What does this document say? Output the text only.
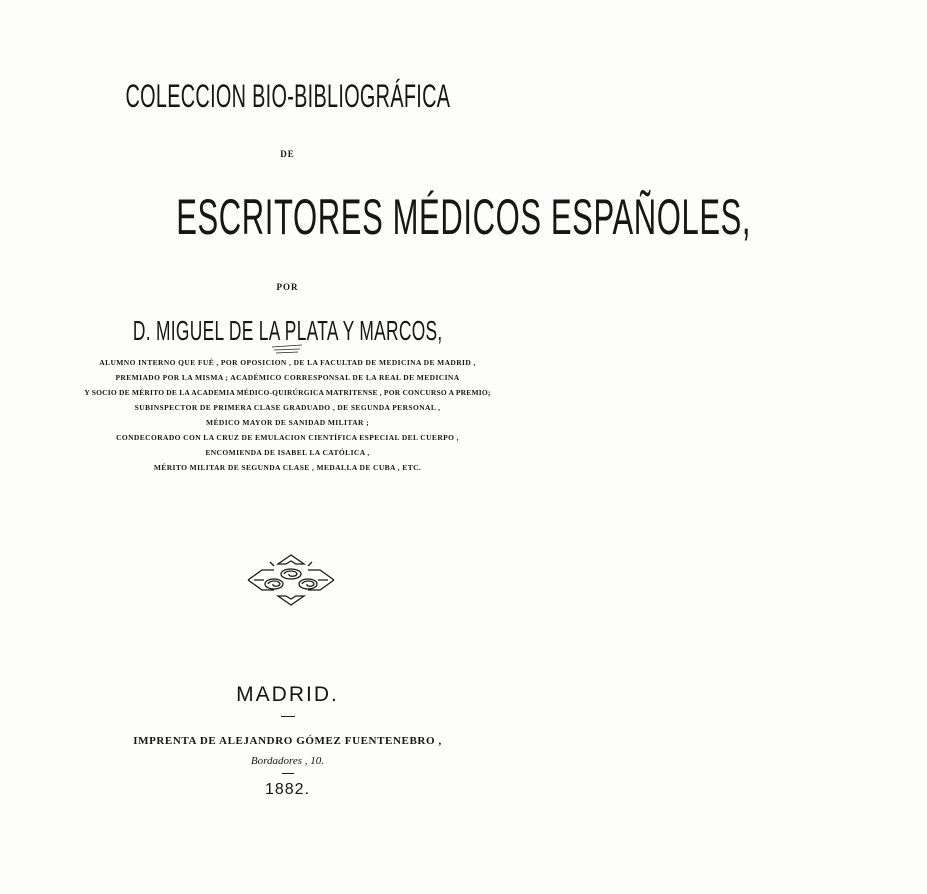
COLECCION BIO-BIBLIOGRÁFICA
DE
ESCRITORES MÉDICOS ESPAÑOLES,
POR
D. MIGUEL DE LA PLATA Y MARCOS,
ALUMNO INTERNO QUE FUÉ , POR OPOSICION , DE LA FACULTAD DE MEDICINA DE MADRID ,
PREMIADO POR LA MISMA ; ACADÉMICO CORRESPONSAL DE LA REAL DE MEDICINA
Y SOCIO DE MÉRITO DE LA ACADEMIA MÉDICO-QUIRÚRGICA MATRITENSE , POR CONCURSO A PREMIO;
SUBINSPECTOR DE PRIMERA CLASE GRADUADO , DE SEGUNDA PERSONAL ,
MÉDICO MAYOR DE SANIDAD MILITAR ;
CONDECORADO CON LA CRUZ DE EMULACION CIENTÍFICA ESPECIAL DEL CUERPO ,
ENCOMIENDA DE ISABEL LA CATÓLICA ,
MÉRITO MILITAR DE SEGUNDA CLASE , MEDALLA DE CUBA , ETC.
MADRID.
IMPRENTA DE ALEJANDRO GÓMEZ FUENTENEBRO ,
Bordadores , 10.
1882.
